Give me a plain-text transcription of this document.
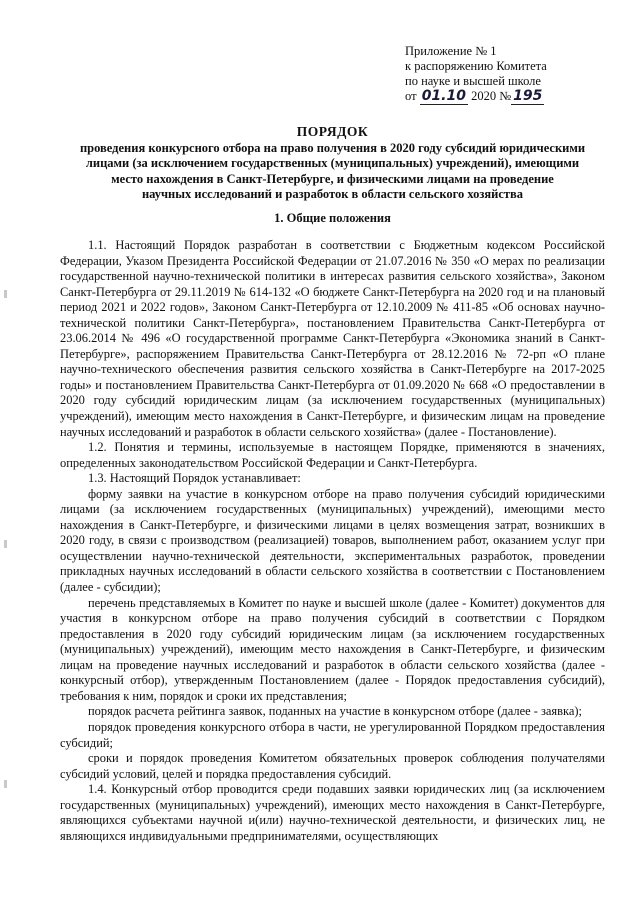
Приложение № 1
к распоряжению Комитета
по науке и высшей школе
от 01.10 2020 № 195
ПОРЯДОК
проведения конкурсного отбора на право получения в 2020 году субсидий юридическими
лицами (за исключением государственных (муниципальных) учреждений), имеющими
место нахождения в Санкт-Петербурге, и физическими лицами на проведение
научных исследований и разработок в области сельского хозяйства
1. Общие положения

1.1. Настоящий Порядок разработан в соответствии с Бюджетным кодексом Российской Федерации, Указом Президента Российской Федерации от 21.07.2016 № 350 «О мерах по реализации государственной научно-технической политики в интересах развития сельского хозяйства», Законом Санкт-Петербурга от 29.11.2019 № 614-132 «О бюджете Санкт-Петербурга на 2020 год и на плановый период 2021 и 2022 годов», Законом Санкт-Петербурга от 12.10.2009 № 411-85 «Об основах научно-технической политики Санкт-Петербурга», постановлением Правительства Санкт-Петербурга от 23.06.2014 № 496 «О государственной программе Санкт-Петербурга «Экономика знаний в Санкт-Петербурге», распоряжением Правительства Санкт-Петербурга от 28.12.2016 № 72-рп «О плане научно-технического обеспечения развития сельского хозяйства в Санкт-Петербурге на 2017-2025 годы» и постановлением Правительства Санкт-Петербурга от 01.09.2020 № 668 «О предоставлении в 2020 году субсидий юридическим лицам (за исключением государственных (муниципальных) учреждений), имеющим место нахождения в Санкт-Петербурге, и физическим лицам на проведение научных исследований и разработок в области сельского хозяйства» (далее - Постановление).

1.2. Понятия и термины, используемые в настоящем Порядке, применяются в значениях, определенных законодательством Российской Федерации и Санкт-Петербурга.

1.3. Настоящий Порядок устанавливает:

форму заявки на участие в конкурсном отборе на право получения субсидий юридическими лицами (за исключением государственных (муниципальных) учреждений), имеющими место нахождения в Санкт-Петербурге, и физическими лицами в целях возмещения затрат, возникших в 2020 году, в связи с производством (реализацией) товаров, выполнением работ, оказанием услуг при осуществлении научно-технической деятельности, экспериментальных разработок, проведении прикладных научных исследований в области сельского хозяйства в соответствии с Постановлением (далее - субсидии);

перечень представляемых в Комитет по науке и высшей школе (далее - Комитет) документов для участия в конкурсном отборе на право получения субсидий в соответствии с Порядком предоставления в 2020 году субсидий юридическим лицам (за исключением государственных (муниципальных) учреждений), имеющим место нахождения в Санкт-Петербурге, и физическим лицам на проведение научных исследований и разработок в области сельского хозяйства (далее - конкурсный отбор), утвержденным Постановлением (далее - Порядок предоставления субсидий), требования к ним, порядок и сроки их представления;

порядок расчета рейтинга заявок, поданных на участие в конкурсном отборе (далее - заявка);

порядок проведения конкурсного отбора в части, не урегулированной Порядком предоставления субсидий;

сроки и порядок проведения Комитетом обязательных проверок соблюдения получателями субсидий условий, целей и порядка предоставления субсидий.

1.4. Конкурсный отбор проводится среди подавших заявки юридических лиц (за исключением государственных (муниципальных) учреждений), имеющих место нахождения в Санкт-Петербурге, являющихся субъектами научной и(или) научно-технической деятельности, и физических лиц, не являющихся индивидуальными предпринимателями, осуществляющих
